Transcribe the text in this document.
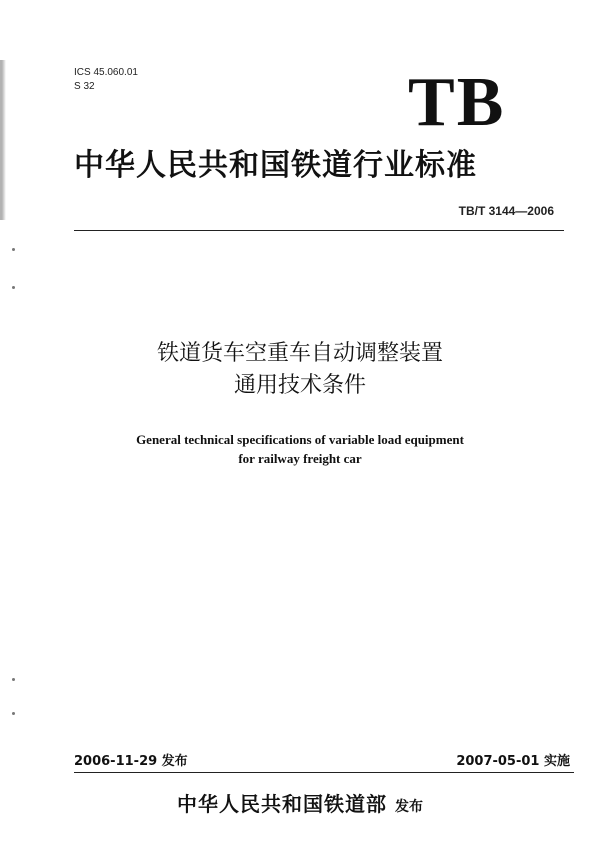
ICS 45.060.01
S 32	TB
中华人民共和国铁道行业标准
TB/T 3144—2006
铁道货车空重车自动调整装置
通用技术条件
General technical specifications of variable load equipment
for railway freight car
2006-11-29 发布	2007-05-01 实施
中华人民共和国铁道部 发布
